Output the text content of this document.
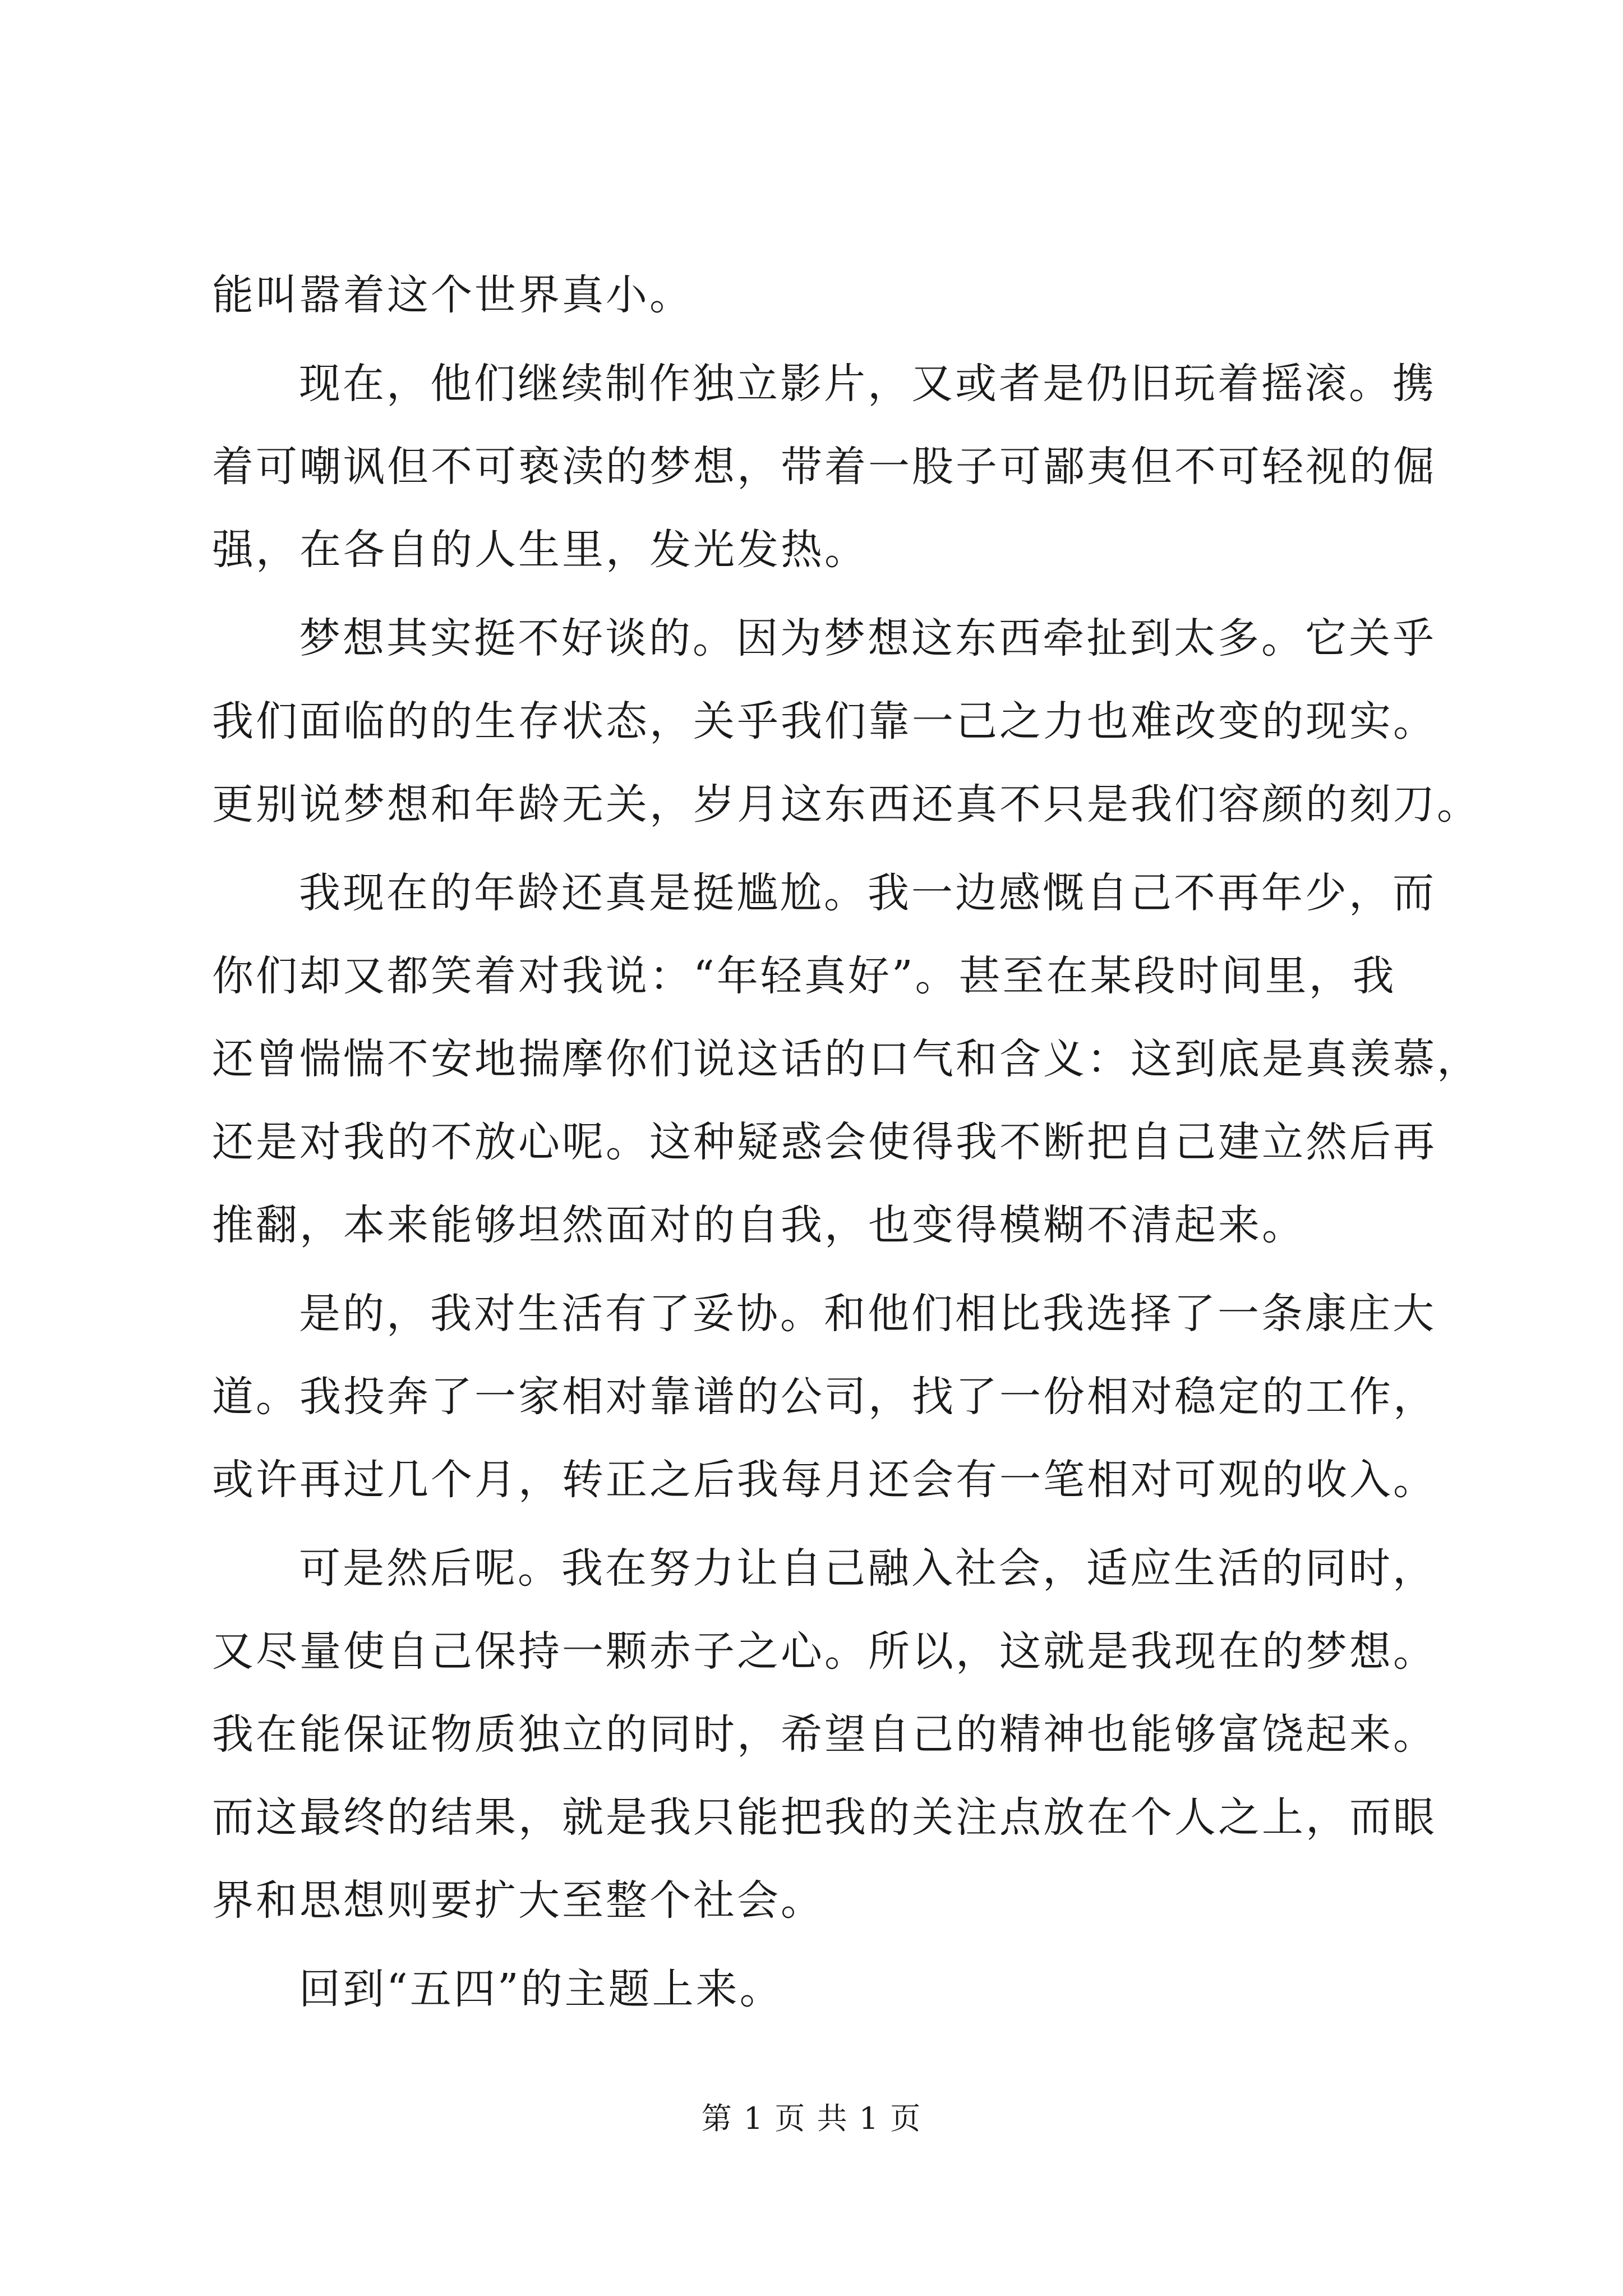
能叫嚣着这个世界真小。
现在，他们继续制作独立影片，又或者是仍旧玩着摇滚。携
着可嘲讽但不可亵渎的梦想，带着一股子可鄙夷但不可轻视的倔
强，在各自的人生里，发光发热。
梦想其实挺不好谈的。因为梦想这东西牵扯到太多。它关乎
我们面临的的生存状态，关乎我们靠一己之力也难改变的现实。
更别说梦想和年龄无关，岁月这东西还真不只是我们容颜的刻刀。
我现在的年龄还真是挺尴尬。我一边感慨自己不再年少，而
你们却又都笑着对我说：“年轻真好”。甚至在某段时间里，我
还曾惴惴不安地揣摩你们说这话的口气和含义：这到底是真羡慕，
还是对我的不放心呢。这种疑惑会使得我不断把自己建立然后再
推翻，本来能够坦然面对的自我，也变得模糊不清起来。
是的，我对生活有了妥协。和他们相比我选择了一条康庄大
道。我投奔了一家相对靠谱的公司，找了一份相对稳定的工作，
或许再过几个月，转正之后我每月还会有一笔相对可观的收入。
可是然后呢。我在努力让自己融入社会，适应生活的同时，
又尽量使自己保持一颗赤子之心。所以，这就是我现在的梦想。
我在能保证物质独立的同时，希望自己的精神也能够富饶起来。
而这最终的结果，就是我只能把我的关注点放在个人之上，而眼
界和思想则要扩大至整个社会。
回到“五四”的主题上来。
第 1 页 共 1 页
